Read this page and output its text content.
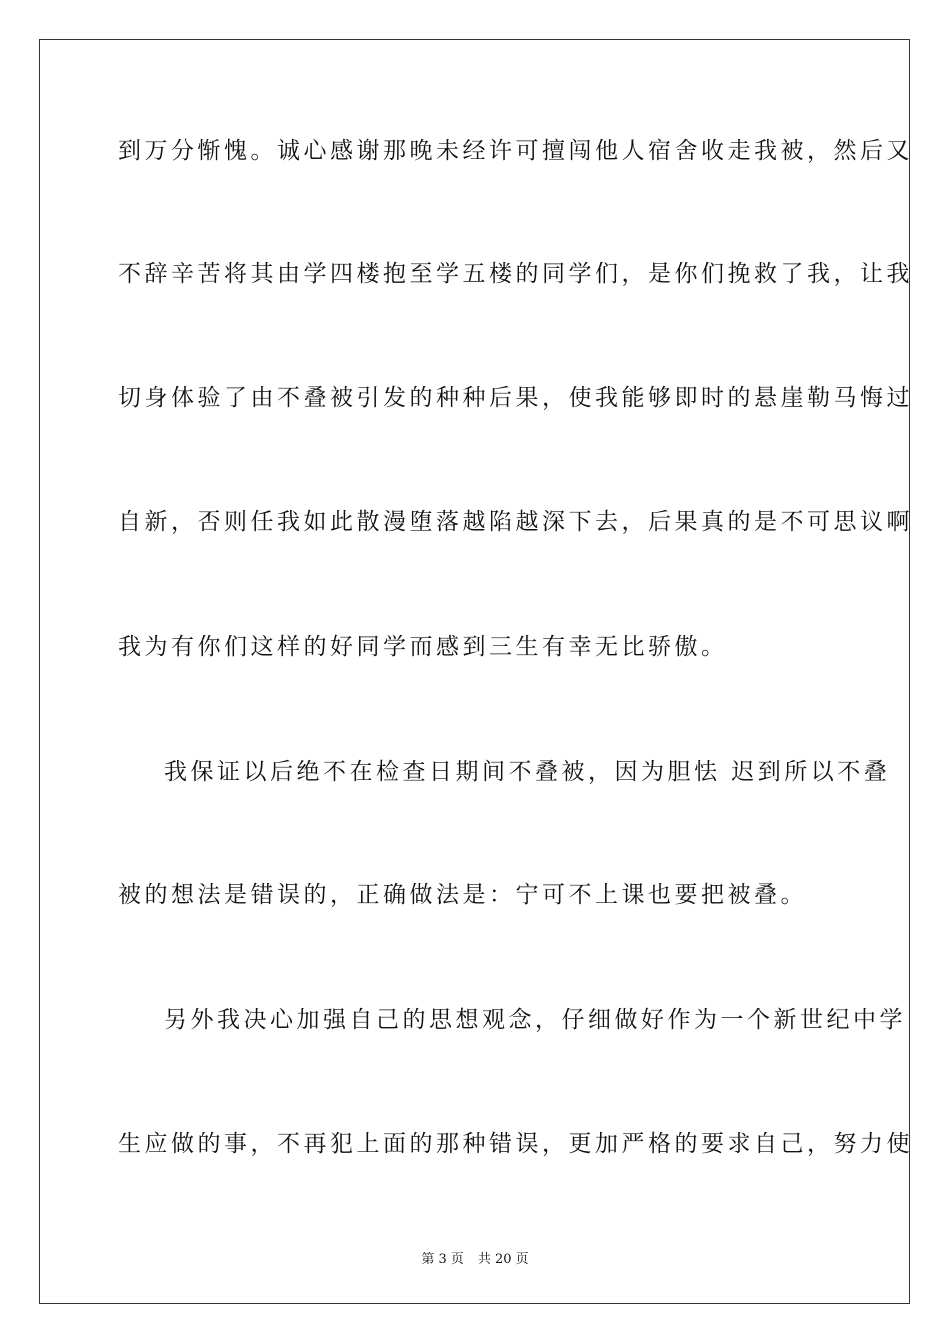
到万分惭愧。诚心感谢那晚未经许可擅闯他人宿舍收走我被，然后又
不辞辛苦将其由学四楼抱至学五楼的同学们，是你们挽救了我，让我
切身体验了由不叠被引发的种种后果，使我能够即时的悬崖勒马悔过
自新，否则任我如此散漫堕落越陷越深下去，后果真的是不可思议啊
我为有你们这样的好同学而感到三生有幸无比骄傲。
我保证以后绝不在检查日期间不叠被，因为胆怯 迟到所以不叠
被的想法是错误的，正确做法是：宁可不上课也要把被叠。
另外我决心加强自己的思想观念，仔细做好作为一个新世纪中学
生应做的事，不再犯上面的那种错误，更加严格的要求自己，努力使
第 3 页 共 20 页
